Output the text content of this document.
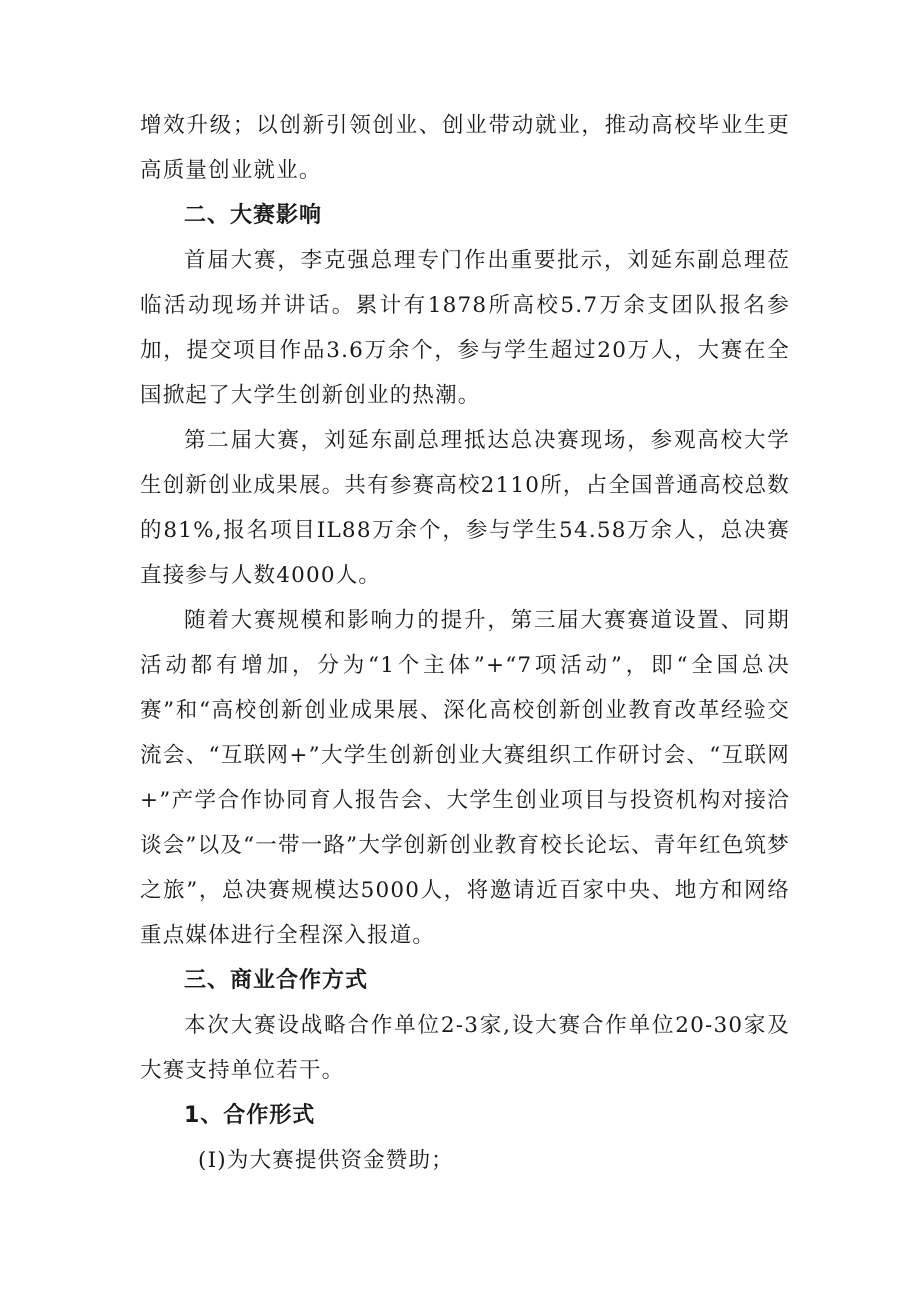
增效升级；以创新引领创业、创业带动就业，推动高校毕业生更高质量创业就业。

二、大赛影响

首届大赛，李克强总理专门作出重要批示，刘延东副总理莅临活动现场并讲话。累计有1878所高校5.7万余支团队报名参加，提交项目作品3.6万余个，参与学生超过20万人，大赛在全国掀起了大学生创新创业的热潮。

第二届大赛，刘延东副总理抵达总决赛现场，参观高校大学生创新创业成果展。共有参赛高校2110所，占全国普通高校总数的81%,报名项目IL88万余个，参与学生54.58万余人，总决赛直接参与人数4000人。

随着大赛规模和影响力的提升，第三届大赛赛道设置、同期活动都有增加，分为“1个主体”+“7项活动”，即“全国总决赛”和“高校创新创业成果展、深化高校创新创业教育改革经验交流会、“互联网+”大学生创新创业大赛组织工作研讨会、“互联网+”产学合作协同育人报告会、大学生创业项目与投资机构对接洽谈会”以及“一带一路”大学创新创业教育校长论坛、青年红色筑梦之旅”，总决赛规模达5000人，将邀请近百家中央、地方和网络重点媒体进行全程深入报道。

三、商业合作方式

本次大赛设战略合作单位2-3家,设大赛合作单位20-30家及大赛支持单位若干。

1、合作形式

(I)为大赛提供资金赞助；
